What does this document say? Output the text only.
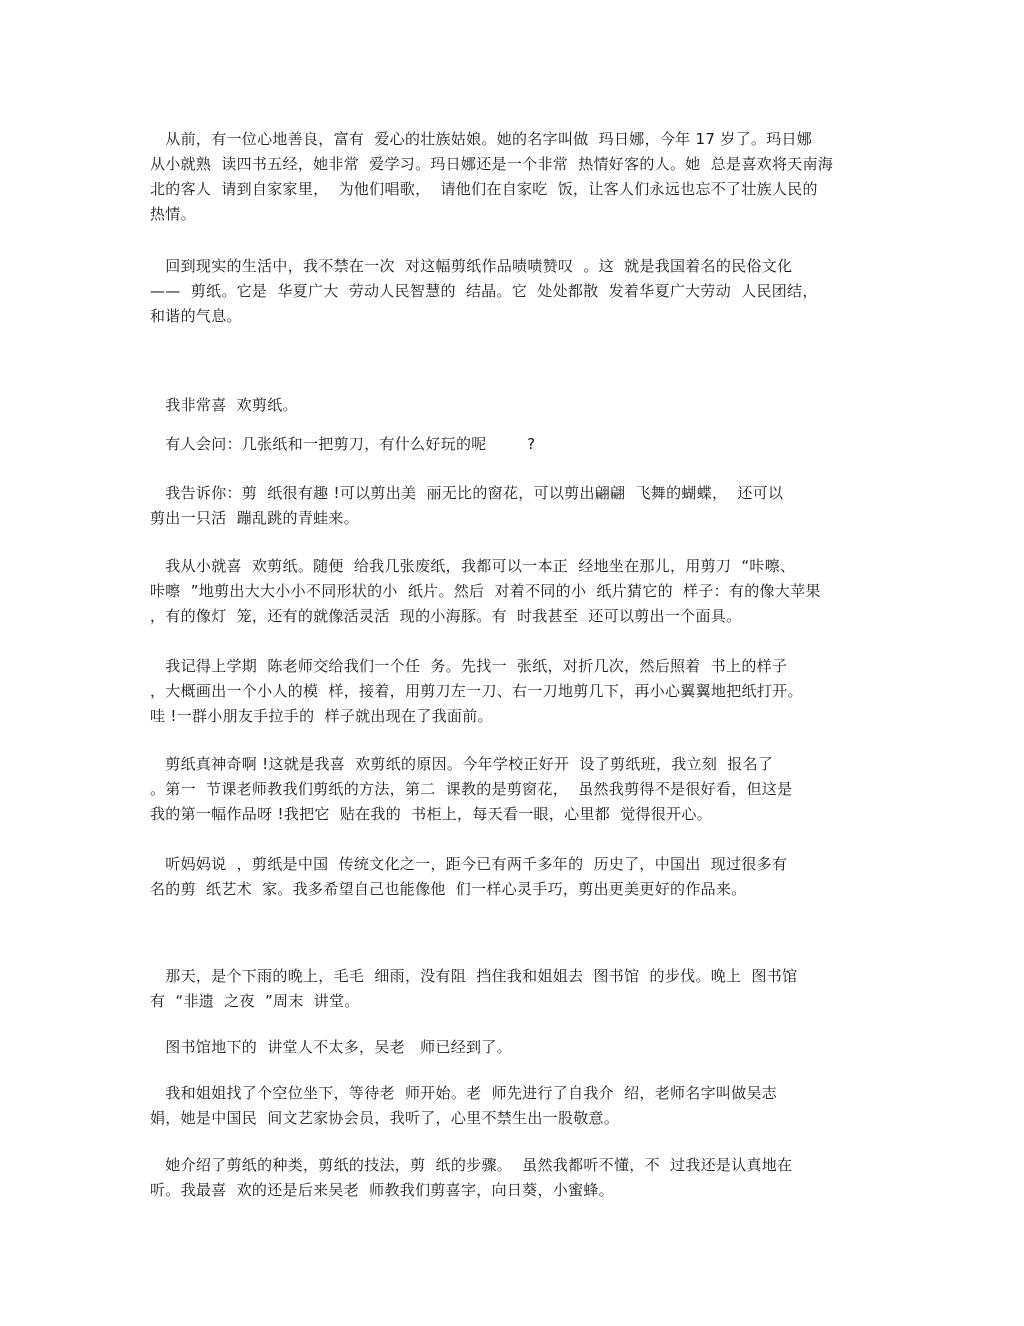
　从前，有一位心地善良，富有  爱心的壮族姑娘。她的名字叫做  玛日娜，今年 17 岁了。玛日娜
从小就熟  读四书五经，她非常  爱学习。玛日娜还是一个非常  热情好客的人。她  总是喜欢将天南海
北的客人  请到自家家里，  为他们唱歌，  请他们在自家吃  饭，让客人们永远也忘不了壮族人民的
热情。
　回到现实的生活中，我不禁在一次  对这幅剪纸作品啧啧赞叹  。这  就是我国着名的民俗文化
——  剪纸。它是  华夏广大  劳动人民智慧的  结晶。它  处处都散  发着华夏广大劳动  人民团结，
和谐的气息。
　我非常喜  欢剪纸。
　有人会问：几张纸和一把剪刀，有什么好玩的呢        ?
　我告诉你：剪  纸很有趣 !可以剪出美  丽无比的窗花，可以剪出翩翩  飞舞的蝴蝶，  还可以
剪出一只活  蹦乱跳的青蛙来。
　我从小就喜  欢剪纸。随便  给我几张废纸，我都可以一本正  经地坐在那儿，用剪刀  “咔嚓、
咔嚓  ”地剪出大大小小不同形状的小  纸片。然后  对着不同的小  纸片猜它的  样子：有的像大苹果
，有的像灯  笼，还有的就像活灵活  现的小海豚。有  时我甚至  还可以剪出一个面具。
　我记得上学期  陈老师交给我们一个任  务。先找一  张纸，对折几次，然后照着  书上的样子
，大概画出一个小人的模  样，接着，用剪刀左一刀、右一刀地剪几下，再小心翼翼地把纸打开。
哇 !一群小朋友手拉手的  样子就出现在了我面前。
　剪纸真神奇啊 !这就是我喜  欢剪纸的原因。今年学校正好开  设了剪纸班，我立刻  报名了
。第一  节课老师教我们剪纸的方法，第二  课教的是剪窗花，  虽然我剪得不是很好看，但这是
我的第一幅作品呀 !我把它  贴在我的  书柜上，每天看一眼，心里都  觉得很开心。
　听妈妈说  ，剪纸是中国  传统文化之一，距今已有两千多年的  历史了，中国出  现过很多有
名的剪  纸艺术  家。我多希望自己也能像他  们一样心灵手巧，剪出更美更好的作品来。
　那天，是个下雨的晚上，毛毛  细雨，没有阻  挡住我和姐姐去  图书馆  的步伐。晚上  图书馆
有  “非遗  之夜  ”周末  讲堂。
　图书馆地下的  讲堂人不太多，吴老   师已经到了。
　我和姐姐找了个空位坐下，等待老  师开始。老  师先进行了自我介  绍，老师名字叫做吴志
娟，她是中国民  间文艺家协会员，我听了，心里不禁生出一股敬意。
　她介绍了剪纸的种类，剪纸的技法，剪  纸的步骤。  虽然我都听不懂，不  过我还是认真地在
听。我最喜  欢的还是后来吴老  师教我们剪喜字，向日葵，小蜜蜂。
